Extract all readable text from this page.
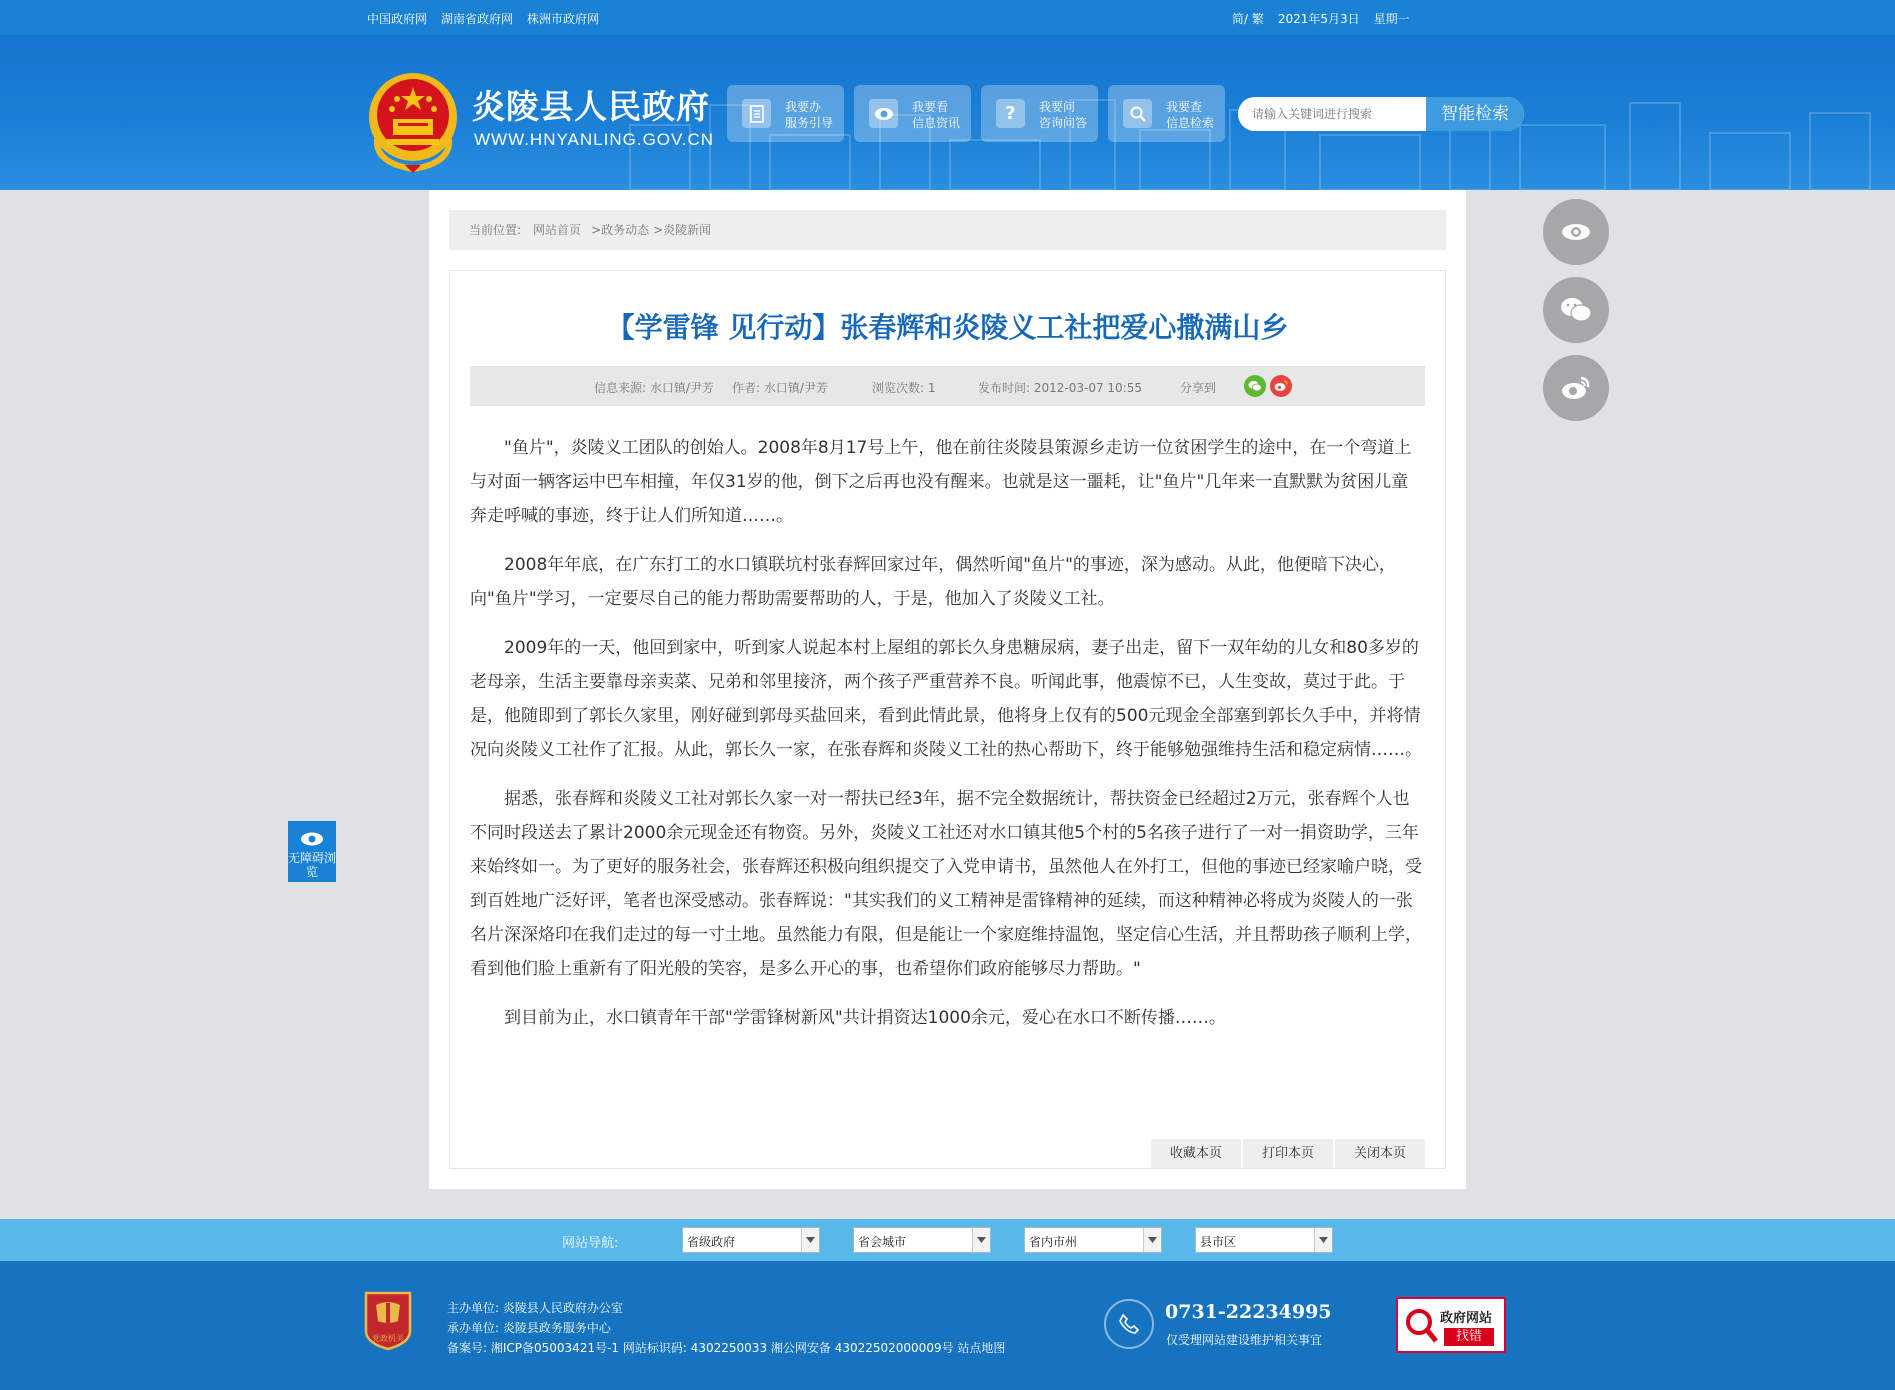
中国政府网 湖南省政府网 株洲市政府网	简/ 繁 2021年5月3日 星期一
炎陵县人民政府
WWW.HNYANLING.GOV.CN
我要办
服务引导
我要看
信息资讯	? 我要问
咨询问答
我要查
信息检索
请输入关键词进行搜索	智能检索
当前位置: 网站首页 >政务动态 >炎陵新闻
【学雷锋 见行动】张春辉和炎陵义工社把爱心撒满山乡
信息来源: 水口镇/尹芳 作者: 水口镇/尹芳	浏览次数: 1	发布时间: 2012-03-07 10:55	分享到

"鱼片"，炎陵义工团队的创始人。2008年8月17号上午，他在前往炎陵县策源乡走访一位贫困学生的途中，在一个弯道上与对面一辆客运中巴车相撞，年仅31岁的他，倒下之后再也没有醒来。也就是这一噩耗，让"鱼片"几年来一直默默为贫困儿童奔走呼喊的事迹，终于让人们所知道……。

2008年年底，在广东打工的水口镇联坑村张春辉回家过年，偶然听闻"鱼片"的事迹，深为感动。从此，他便暗下决心，向"鱼片"学习，一定要尽自己的能力帮助需要帮助的人，于是，他加入了炎陵义工社。

2009年的一天，他回到家中，听到家人说起本村上屋组的郭长久身患糖尿病，妻子出走，留下一双年幼的儿女和80多岁的老母亲，生活主要靠母亲卖菜、兄弟和邻里接济，两个孩子严重营养不良。听闻此事，他震惊不已，人生变故，莫过于此。于是，他随即到了郭长久家里，刚好碰到郭母买盐回来，看到此情此景，他将身上仅有的500元现金全部塞到郭长久手中，并将情况向炎陵义工社作了汇报。从此，郭长久一家，在张春辉和炎陵义工社的热心帮助下，终于能够勉强维持生活和稳定病情……。

据悉，张春辉和炎陵义工社对郭长久家一对一帮扶已经3年，据不完全数据统计，帮扶资金已经超过2万元，张春辉个人也不同时段送去了累计2000余元现金还有物资。另外，炎陵义工社还对水口镇其他5个村的5名孩子进行了一对一捐资助学，三年来始终如一。为了更好的服务社会，张春辉还积极向组织提交了入党申请书，虽然他人在外打工，但他的事迹已经家喻户晓，受到百姓地广泛好评，笔者也深受感动。张春辉说："其实我们的义工精神是雷锋精神的延续，而这种精神必将成为炎陵人的一张名片深深烙印在我们走过的每一寸土地。虽然能力有限，但是能让一个家庭维持温饱，坚定信心生活，并且帮助孩子顺利上学，看到他们脸上重新有了阳光般的笑容，是多么开心的事，也希望你们政府能够尽力帮助。"

到目前为止，水口镇青年干部"学雷锋树新风"共计捐资达1000余元，爱心在水口不断传播……。

收藏本页	打印本页	关闭本页
无障碍浏览
网站导航:	省级政府	省会城市	省内市州	县市区
党政机关
主办单位: 炎陵县人民政府办公室
承办单位: 炎陵县政务服务中心
备案号: 湘ICP备05003421号-1 网站标识码: 4302250033 湘公网安备 43022502000009号 站点地图
0731-22234995
仅受理网站建设维护相关事宜
政府网站
找错
